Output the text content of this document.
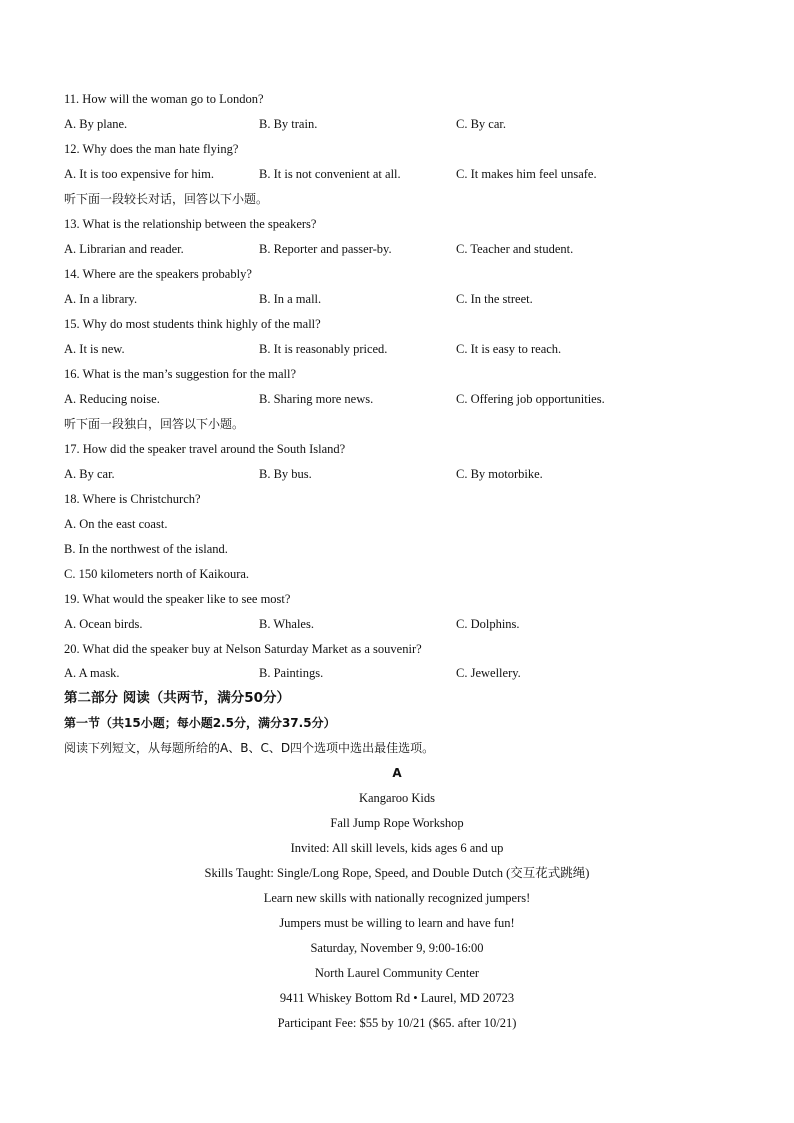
11. How will the woman go to London?
A. By plane.	B. By train.	C. By car.
12. Why does the man hate flying?
A. It is too expensive for him.	B. It is not convenient at all.	C. It makes him feel unsafe.
听下面一段较长对话，回答以下小题。
13. What is the relationship between the speakers?
A. Librarian and reader.	B. Reporter and passer-by.	C. Teacher and student.
14. Where are the speakers probably?
A. In a library.	B. In a mall.	C. In the street.
15. Why do most students think highly of the mall?
A. It is new.	B. It is reasonably priced.	C. It is easy to reach.
16. What is the man’s suggestion for the mall?
A. Reducing noise.	B. Sharing more news.	C. Offering job opportunities.
听下面一段独白，回答以下小题。
17. How did the speaker travel around the South Island?
A. By car.	B. By bus.	C. By motorbike.
18. Where is Christchurch?
A. On the east coast.
B. In the northwest of the island.
C. 150 kilometers north of Kaikoura.
19. What would the speaker like to see most?
A. Ocean birds.	B. Whales.	C. Dolphins.
20. What did the speaker buy at Nelson Saturday Market as a souvenir?
A. A mask.	B. Paintings.	C. Jewellery.
第二部分 阅读（共两节，满分50分）
第一节（共15小题；每小题2.5分，满分37.5分）
阅读下列短文，从每题所给的A、B、C、D四个选项中选出最佳选项。
A
Kangaroo Kids
Fall Jump Rope Workshop
Invited: All skill levels, kids ages 6 and up
Skills Taught: Single/Long Rope, Speed, and Double Dutch (交互花式跳绳)
Learn new skills with nationally recognized jumpers!
Jumpers must be willing to learn and have fun!
Saturday, November 9, 9:00-16:00
North Laurel Community Center
9411 Whiskey Bottom Rd • Laurel, MD 20723
Participant Fee: $55 by 10/21 ($65. after 10/21)
